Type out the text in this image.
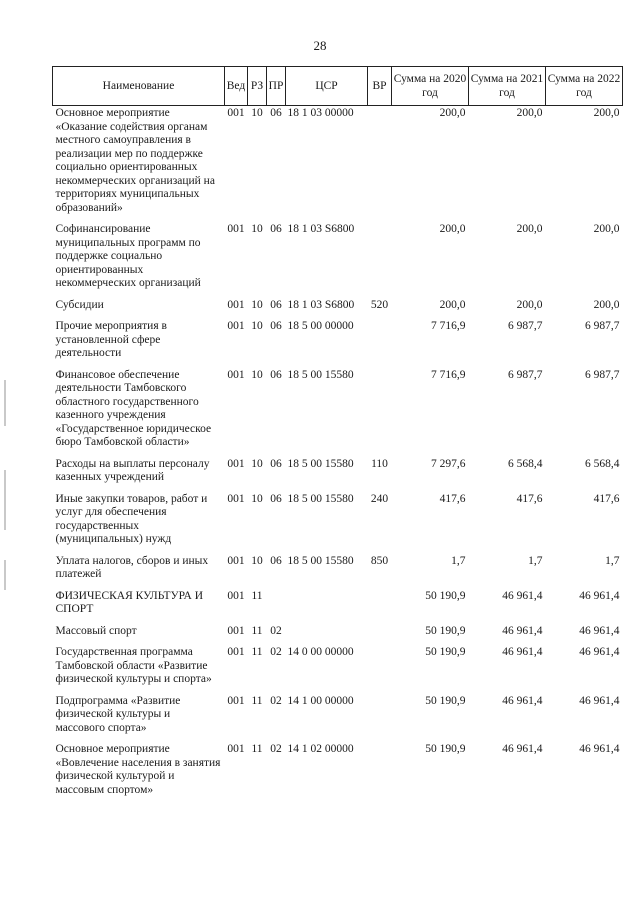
28
Наименование	Вед	РЗ	ПР	ЦСР	ВР	Сумма на 2020 год	Сумма на 2021 год	Сумма на 2022 год
Основное мероприятие «Оказание содействия органам местного самоуправления в реализации мер по поддержке социально ориентированных некоммерческих организаций на территориях муниципальных образований»	001	10	06	18 1 03 00000		200,0	200,0	200,0
Софинансирование муниципальных программ по поддержке социально ориентированных некоммерческих организаций	001	10	06	18 1 03 S6800		200,0	200,0	200,0
Субсидии	001	10	06	18 1 03 S6800	520	200,0	200,0	200,0
Прочие мероприятия в установленной сфере деятельности	001	10	06	18 5 00 00000		7 716,9	6 987,7	6 987,7
Финансовое обеспечение деятельности Тамбовского областного государственного казенного учреждения «Государственное юридическое бюро Тамбовской области»	001	10	06	18 5 00 15580		7 716,9	6 987,7	6 987,7
Расходы на выплаты персоналу казенных учреждений	001	10	06	18 5 00 15580	110	7 297,6	6 568,4	6 568,4
Иные закупки товаров, работ и услуг для обеспечения государственных (муниципальных) нужд	001	10	06	18 5 00 15580	240	417,6	417,6	417,6
Уплата налогов, сборов и иных платежей	001	10	06	18 5 00 15580	850	1,7	1,7	1,7
ФИЗИЧЕСКАЯ КУЛЬТУРА И СПОРТ	001	11				50 190,9	46 961,4	46 961,4
Массовый спорт	001	11	02			50 190,9	46 961,4	46 961,4
Государственная программа Тамбовской области «Развитие физической культуры и спорта»	001	11	02	14 0 00 00000		50 190,9	46 961,4	46 961,4
Подпрограмма «Развитие физической культуры и массового спорта»	001	11	02	14 1 00 00000		50 190,9	46 961,4	46 961,4
Основное мероприятие «Вовлечение населения в занятия физической культурой и массовым спортом»	001	11	02	14 1 02 00000		50 190,9	46 961,4	46 961,4
